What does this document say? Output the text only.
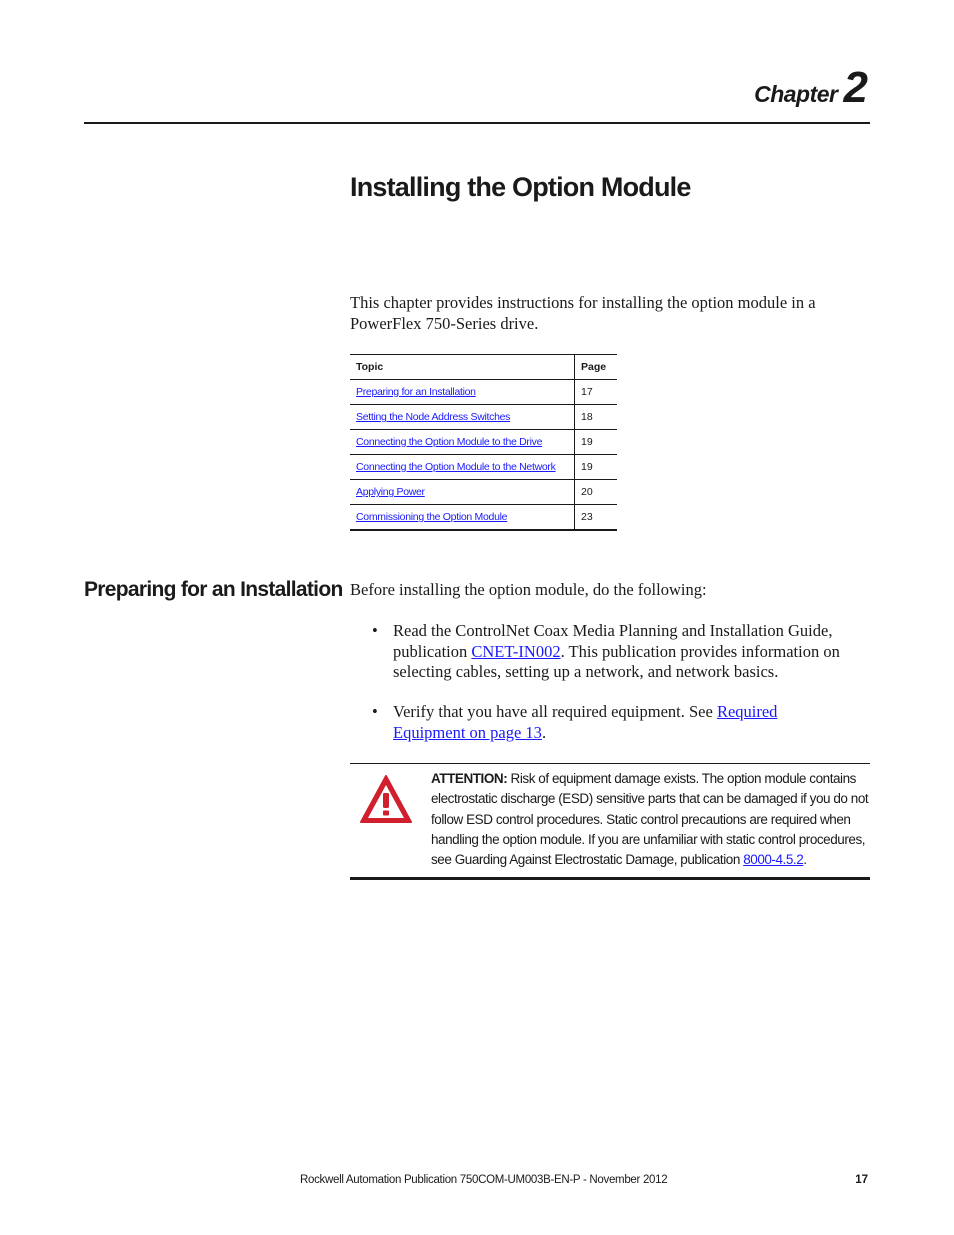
Chapter 2
Installing the Option Module

This chapter provides instructions for installing the option module in a PowerFlex 750-Series drive.

Topic	Page
Preparing for an Installation	17
Setting the Node Address Switches	18
Connecting the Option Module to the Drive	19
Connecting the Option Module to the Network	19
Applying Power	20
Commissioning the Option Module	23
Preparing for an Installation Before installing the option module, do the following:

• Read the ControlNet Coax Media Planning and Installation Guide, publication CNET-IN002. This publication provides information on selecting cables, setting up a network, and network basics.
• Verify that you have all required equipment. See Required Equipment on page 13.
ATTENTION: Risk of equipment damage exists. The option module contains electrostatic discharge (ESD) sensitive parts that can be damaged if you do not follow ESD control procedures. Static control precautions are required when handling the option module. If you are unfamiliar with static control procedures, see Guarding Against Electrostatic Damage, publication 8000-4.5.2.
Rockwell Automation Publication 750COM-UM003B-EN-P - November 2012	17
